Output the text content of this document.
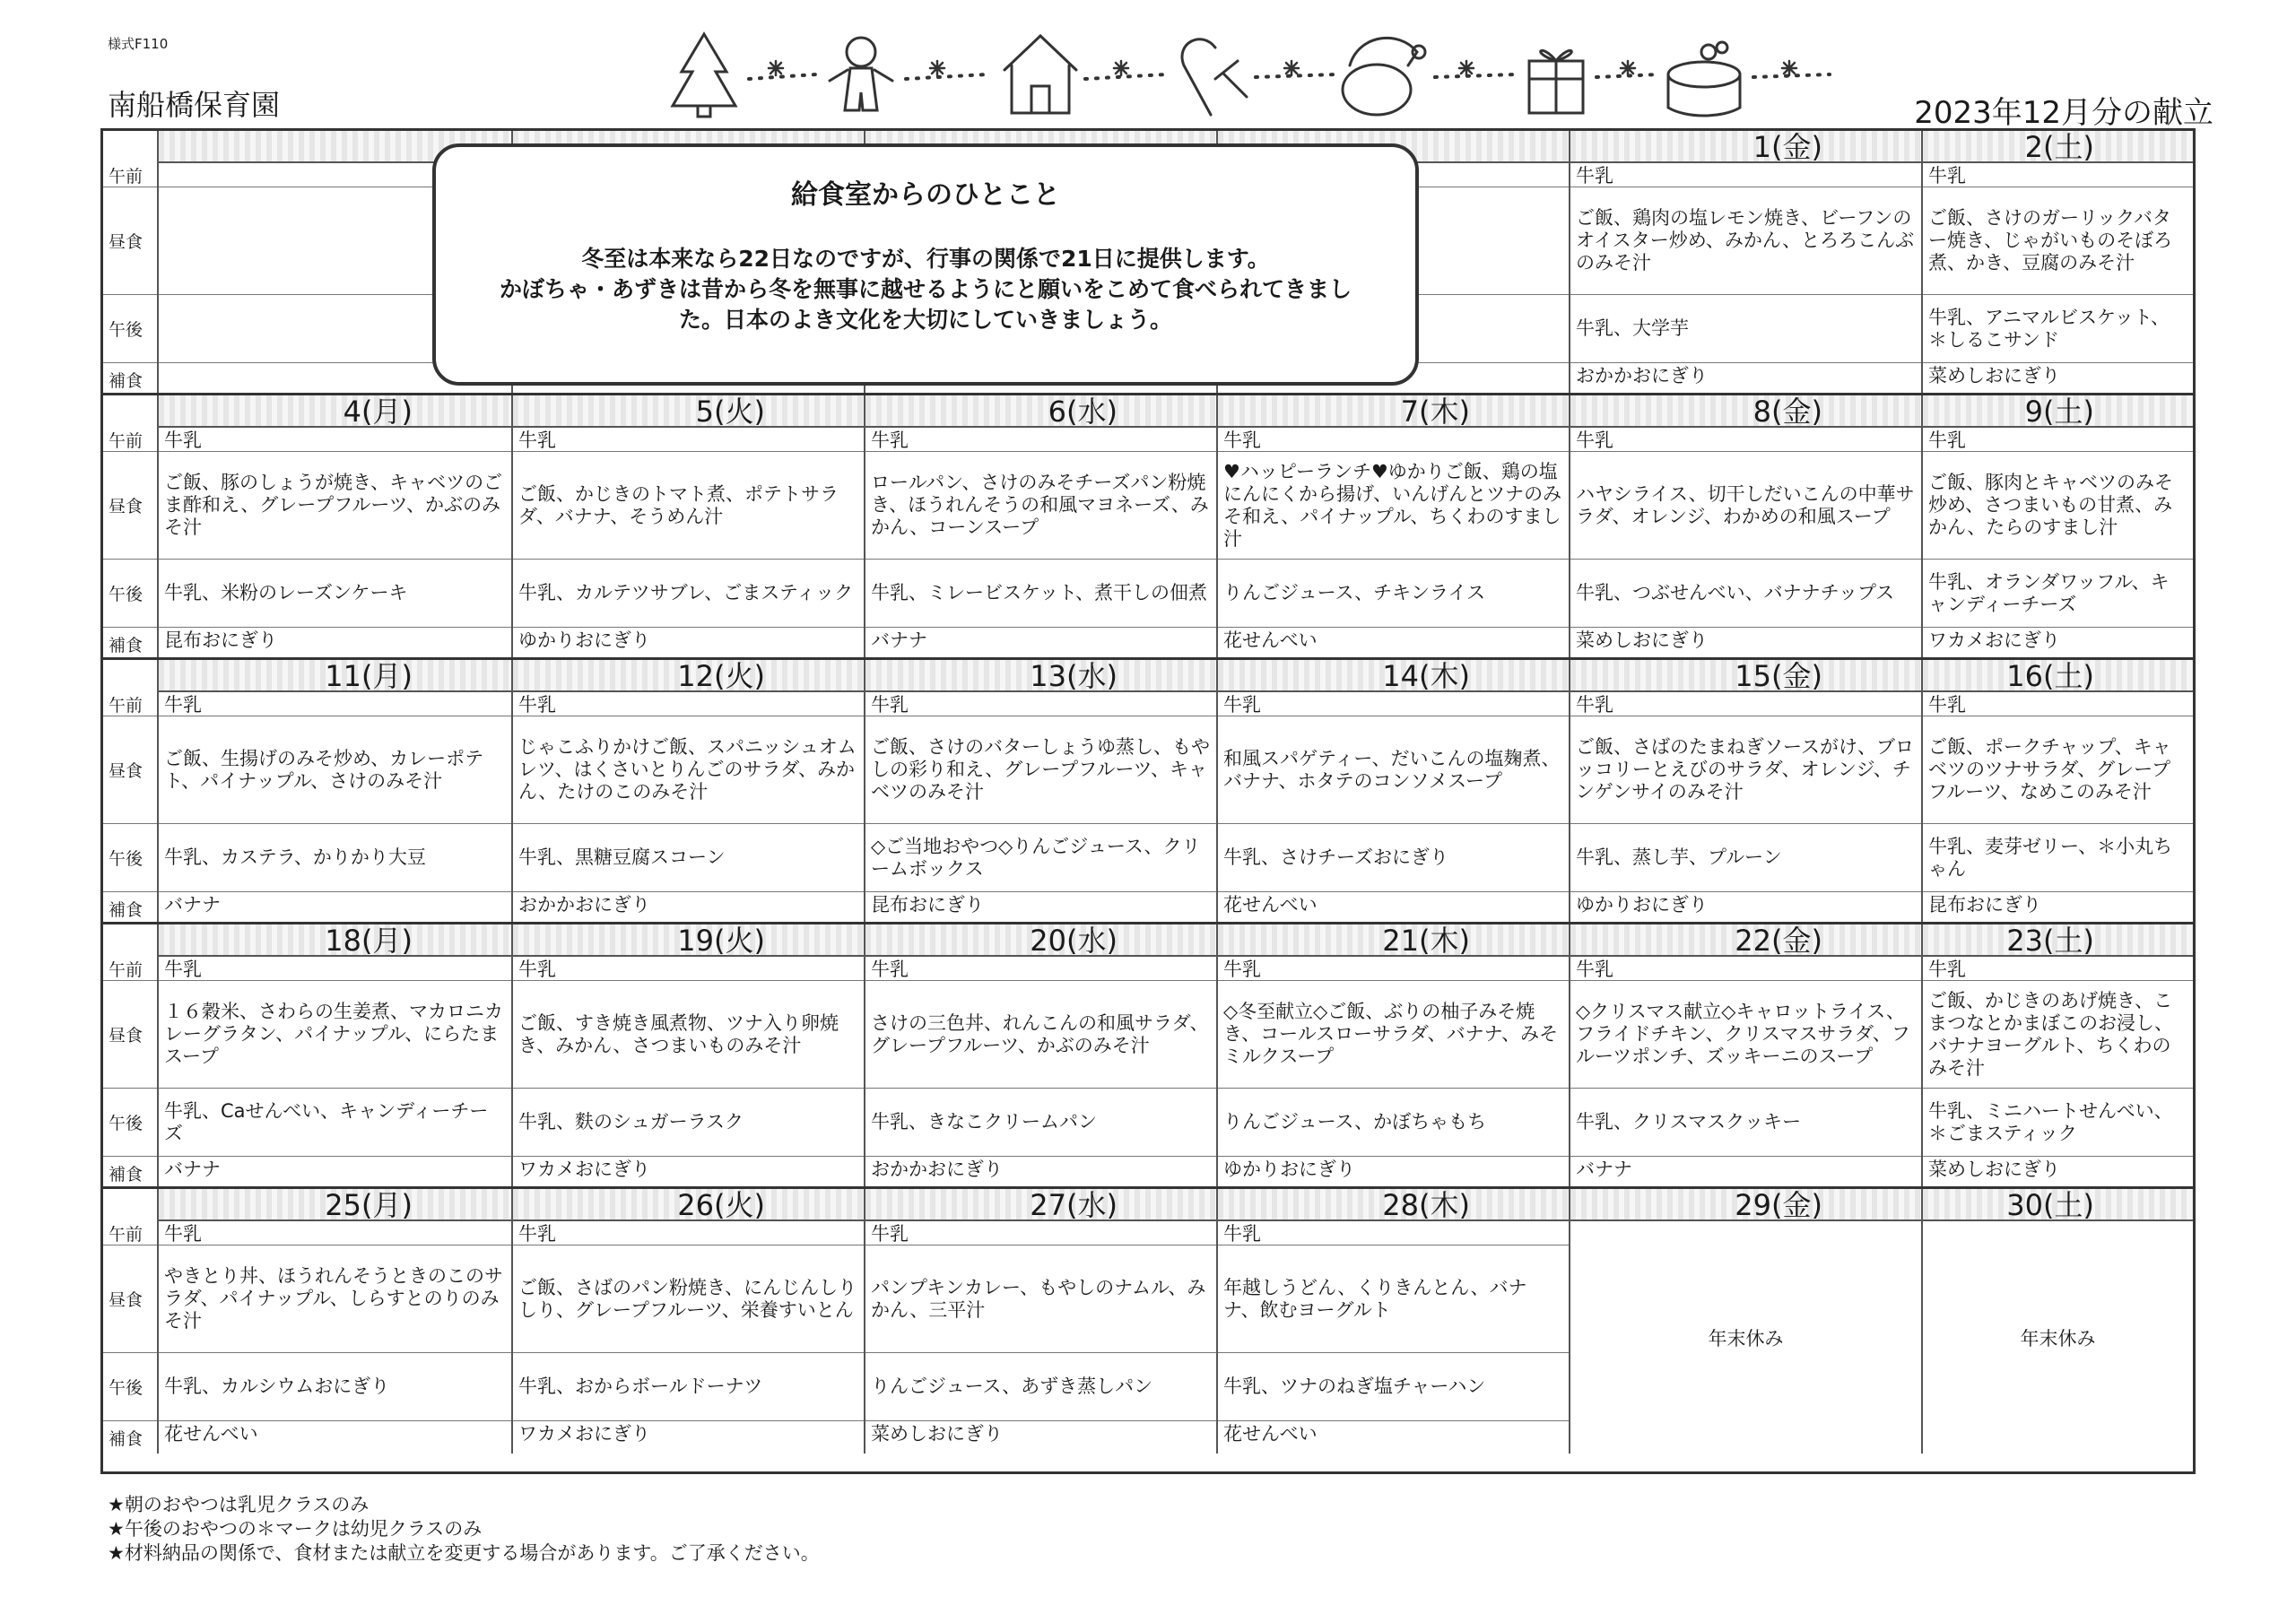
様式F110
南船橋保育園	2023年12月分の献立
午前
昼食
午後
補食
1(金)
牛乳
ご飯、鶏肉の塩レモン焼き、ビーフンのオイスター炒め、みかん、とろろこんぶのみそ汁
牛乳、大学芋
おかかおにぎり
2(土)
牛乳
ご飯、さけのガーリックバター焼き、じゃがいものそぼろ煮、かき、豆腐のみそ汁
牛乳、アニマルビスケット、＊しるこサンド
菜めしおにぎり
午前
昼食
午後
補食
4(月)
牛乳
ご飯、豚のしょうが焼き、キャベツのごま酢和え、グレープフルーツ、かぶのみそ汁
牛乳、米粉のレーズンケーキ
昆布おにぎり
5(火)
牛乳
ご飯、かじきのトマト煮、ポテトサラダ、バナナ、そうめん汁
牛乳、カルテツサブレ、ごまスティック
ゆかりおにぎり
6(水)
牛乳
ロールパン、さけのみそチーズパン粉焼き、ほうれんそうの和風マヨネーズ、みかん、コーンスープ
牛乳、ミレービスケット、煮干しの佃煮
バナナ
7(木)
牛乳
♥ハッピーランチ♥ゆかりご飯、鶏の塩にんにくから揚げ、いんげんとツナのみそ和え、パイナップル、ちくわのすまし汁
りんごジュース、チキンライス
花せんべい
8(金)
牛乳
ハヤシライス、切干しだいこんの中華サラダ、オレンジ、わかめの和風スープ
牛乳、つぶせんべい、バナナチップス
菜めしおにぎり
9(土)
牛乳
ご飯、豚肉とキャベツのみそ炒め、さつまいもの甘煮、みかん、たらのすまし汁
牛乳、オランダワッフル、キャンディーチーズ
ワカメおにぎり
午前
昼食
午後
補食
11(月)
牛乳
ご飯、生揚げのみそ炒め、カレーポテト、パイナップル、さけのみそ汁
牛乳、カステラ、かりかり大豆
バナナ
12(火)
牛乳
じゃこふりかけご飯、スパニッシュオムレツ、はくさいとりんごのサラダ、みかん、たけのこのみそ汁
牛乳、黒糖豆腐スコーン
おかかおにぎり
13(水)
牛乳
ご飯、さけのバターしょうゆ蒸し、もやしの彩り和え、グレープフルーツ、キャベツのみそ汁
◇ご当地おやつ◇りんごジュース、クリームボックス
昆布おにぎり
14(木)
牛乳
和風スパゲティー、だいこんの塩麹煮、バナナ、ホタテのコンソメスープ
牛乳、さけチーズおにぎり
花せんべい
15(金)
牛乳
ご飯、さばのたまねぎソースがけ、ブロッコリーとえびのサラダ、オレンジ、チンゲンサイのみそ汁
牛乳、蒸し芋、プルーン
ゆかりおにぎり
16(土)
牛乳
ご飯、ポークチャップ、キャベツのツナサラダ、グレープフルーツ、なめこのみそ汁
牛乳、麦芽ゼリー、＊小丸ちゃん
昆布おにぎり
午前
昼食
午後
補食
18(月)
牛乳
１６穀米、さわらの生姜煮、マカロニカレーグラタン、パイナップル、にらたまスープ
牛乳、Caせんべい、キャンディーチーズ
バナナ
19(火)
牛乳
ご飯、すき焼き風煮物、ツナ入り卵焼き、みかん、さつまいものみそ汁
牛乳、麩のシュガーラスク
ワカメおにぎり
20(水)
牛乳
さけの三色丼、れんこんの和風サラダ、グレープフルーツ、かぶのみそ汁
牛乳、きなこクリームパン
おかかおにぎり
21(木)
牛乳
◇冬至献立◇ご飯、ぶりの柚子みそ焼き、コールスローサラダ、バナナ、みそミルクスープ
りんごジュース、かぼちゃもち
ゆかりおにぎり
22(金)
牛乳
◇クリスマス献立◇キャロットライス、フライドチキン、クリスマスサラダ、フルーツポンチ、ズッキーニのスープ
牛乳、クリスマスクッキー
バナナ
23(土)
牛乳
ご飯、かじきのあげ焼き、こまつなとかまぼこのお浸し、バナナヨーグルト、ちくわのみそ汁
牛乳、ミニハートせんべい、＊ごまスティック
菜めしおにぎり
午前
昼食
午後
補食
25(月)
牛乳
やきとり丼、ほうれんそうときのこのサラダ、パイナップル、しらすとのりのみそ汁
牛乳、カルシウムおにぎり
花せんべい
26(火)
牛乳
ご飯、さばのパン粉焼き、にんじんしりしり、グレープフルーツ、栄養すいとん
牛乳、おからボールドーナツ
ワカメおにぎり
27(水)
牛乳
パンプキンカレー、もやしのナムル、みかん、三平汁
りんごジュース、あずき蒸しパン
菜めしおにぎり
28(木)
牛乳
年越しうどん、くりきんとん、バナナ、飲むヨーグルト
牛乳、ツナのねぎ塩チャーハン
花せんべい
29(金)
年末休み
30(土)
年末休み
給食室からのひとこと
冬至は本来なら22日なのですが、行事の関係で21日に提供します。
かぼちゃ・あずきは昔から冬を無事に越せるようにと願いをこめて食べられてきまし
た。日本のよき文化を大切にしていきましょう。
★朝のおやつは乳児クラスのみ
★午後のおやつの＊マークは幼児クラスのみ
★材料納品の関係で、食材または献立を変更する場合があります。ご了承ください。
